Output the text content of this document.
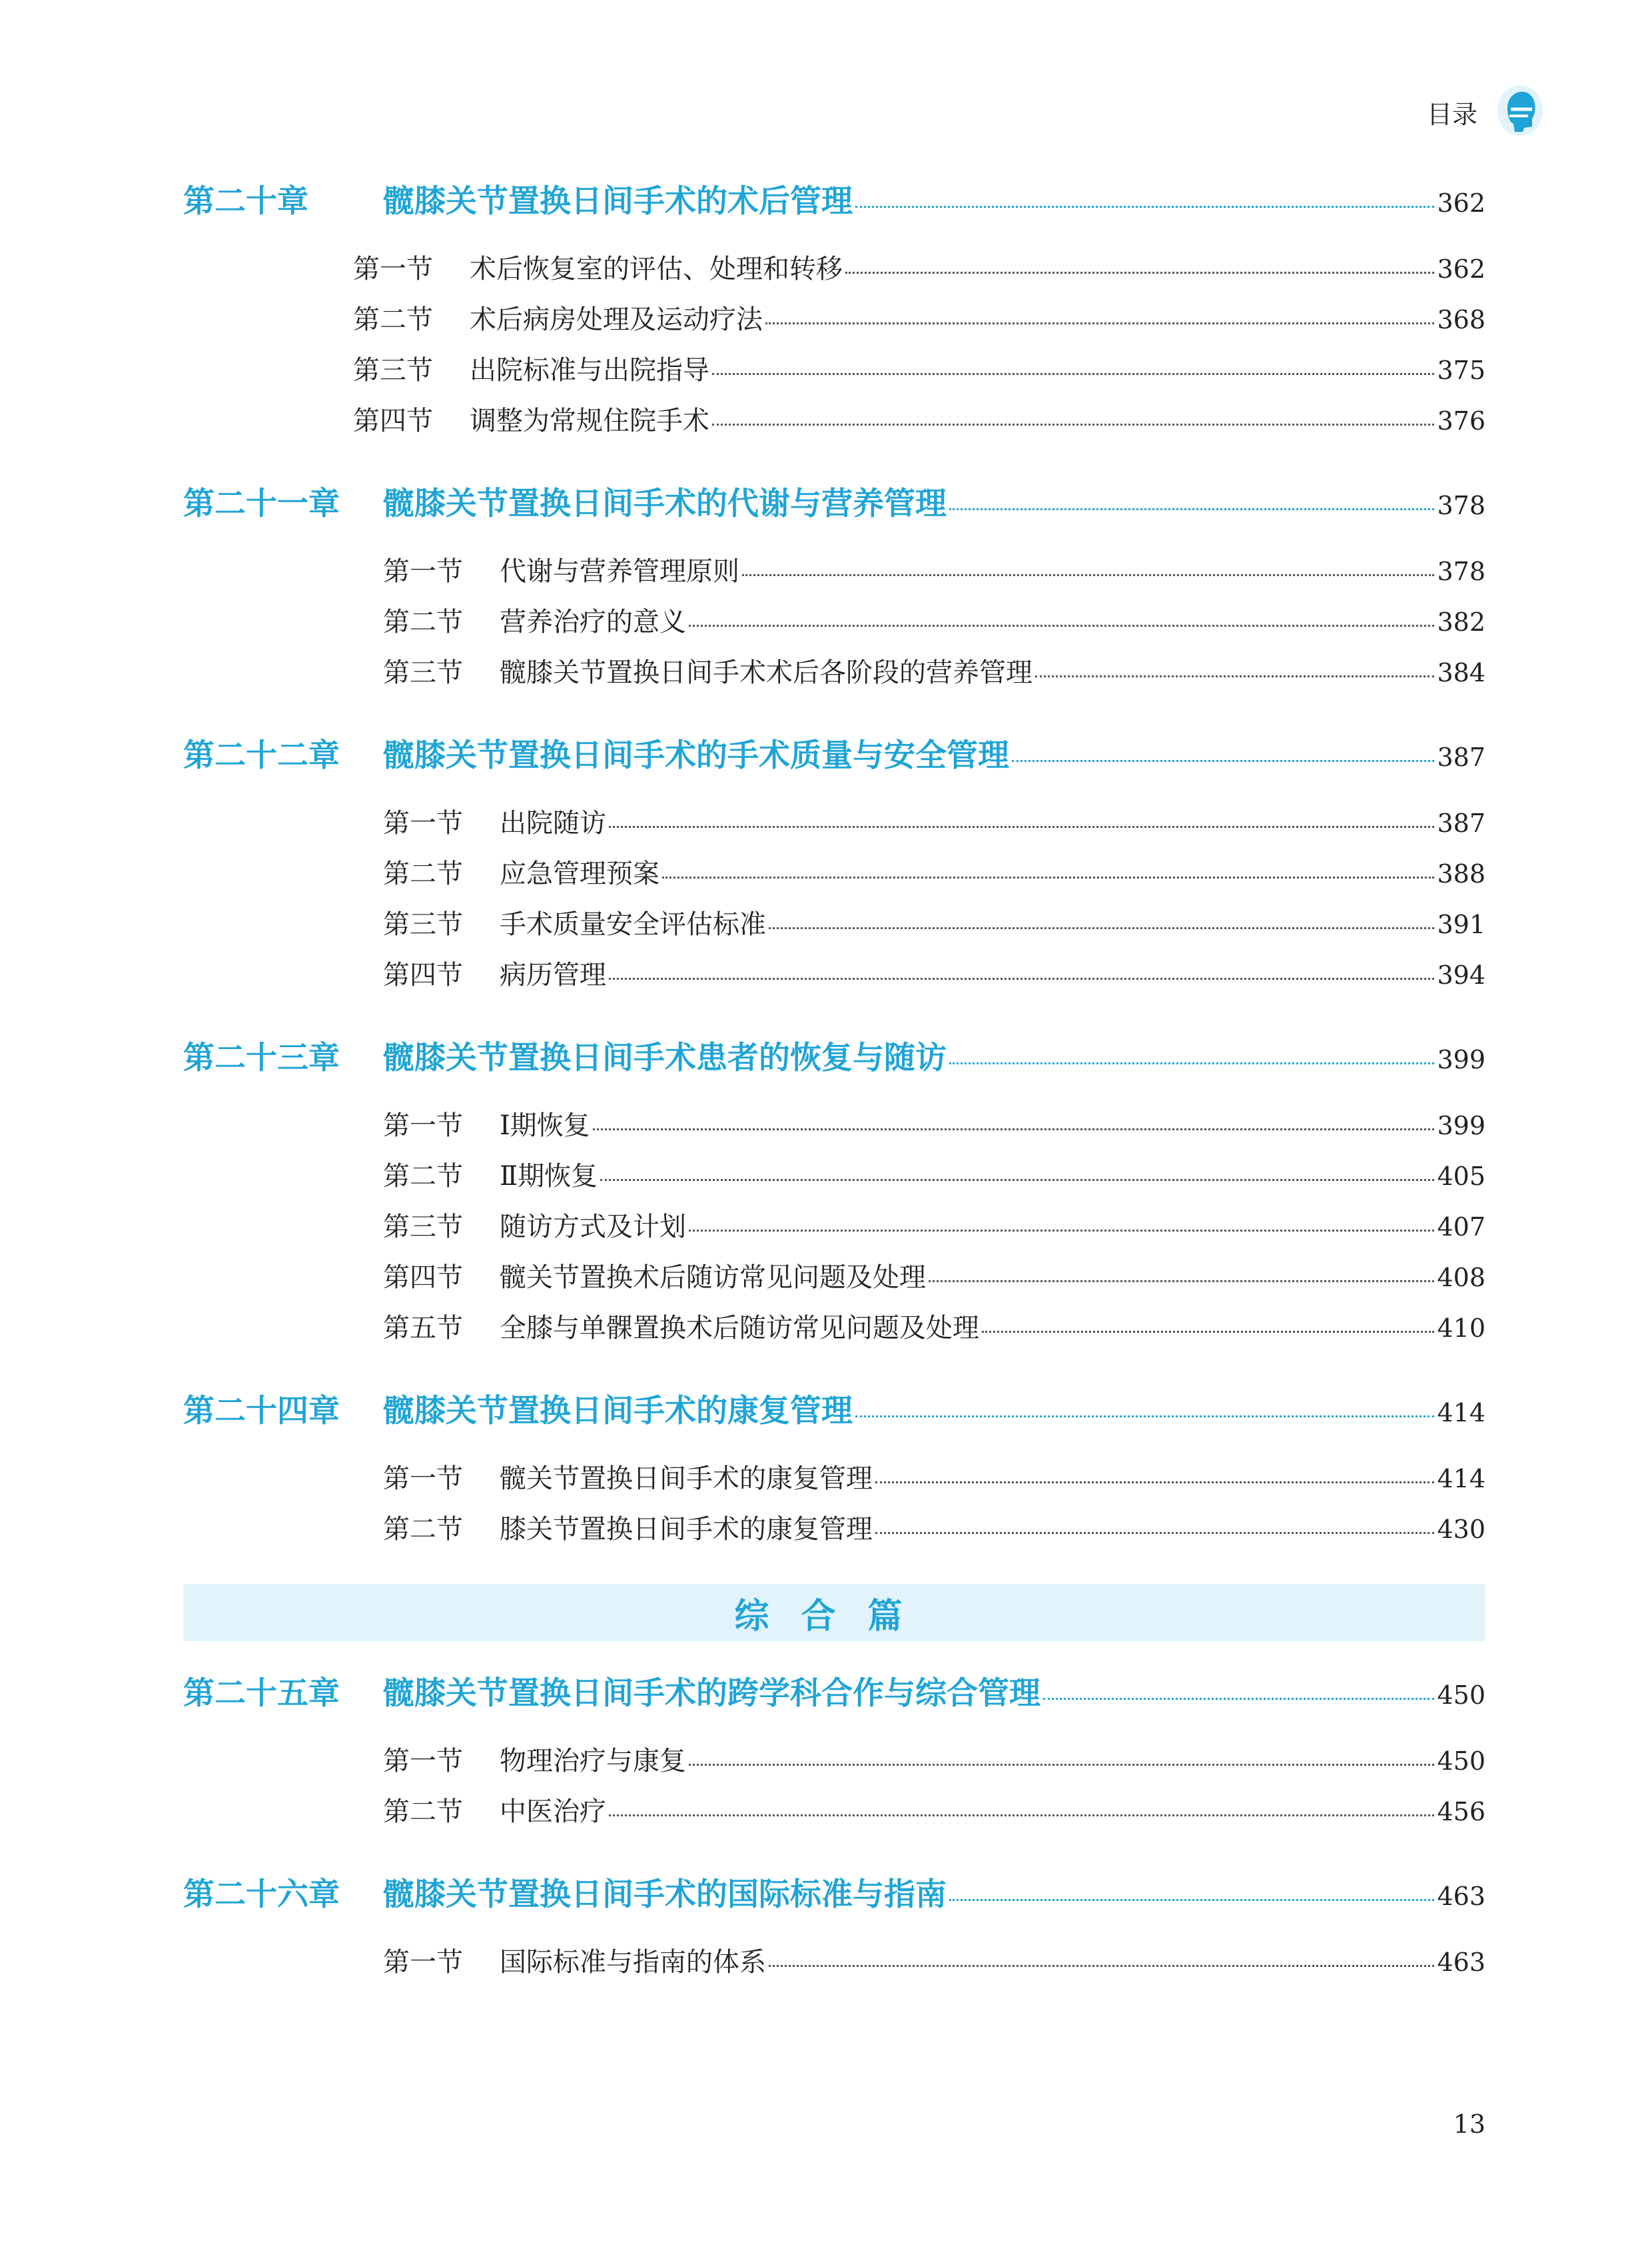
目录
第二十章	髋膝关节置换日间手术的术后管理	362
第一节	术后恢复室的评估、处理和转移	362
第二节	术后病房处理及运动疗法	368
第三节	出院标准与出院指导	375
第四节	调整为常规住院手术	376
第二十一章	髋膝关节置换日间手术的代谢与营养管理	378
第一节	代谢与营养管理原则	378
第二节	营养治疗的意义	382
第三节	髋膝关节置换日间手术术后各阶段的营养管理	384
第二十二章	髋膝关节置换日间手术的手术质量与安全管理	387
第一节	出院随访	387
第二节	应急管理预案	388
第三节	手术质量安全评估标准	391
第四节	病历管理	394
第二十三章	髋膝关节置换日间手术患者的恢复与随访	399
第一节	Ⅰ期恢复	399
第二节	Ⅱ期恢复	405
第三节	随访方式及计划	407
第四节	髋关节置换术后随访常见问题及处理	408
第五节	全膝与单髁置换术后随访常见问题及处理	410
第二十四章	髋膝关节置换日间手术的康复管理	414
第一节	髋关节置换日间手术的康复管理	414
第二节	膝关节置换日间手术的康复管理	430
综合篇
第二十五章	髋膝关节置换日间手术的跨学科合作与综合管理	450
第一节	物理治疗与康复	450
第二节	中医治疗	456
第二十六章	髋膝关节置换日间手术的国际标准与指南	463
第一节	国际标准与指南的体系	463
13
